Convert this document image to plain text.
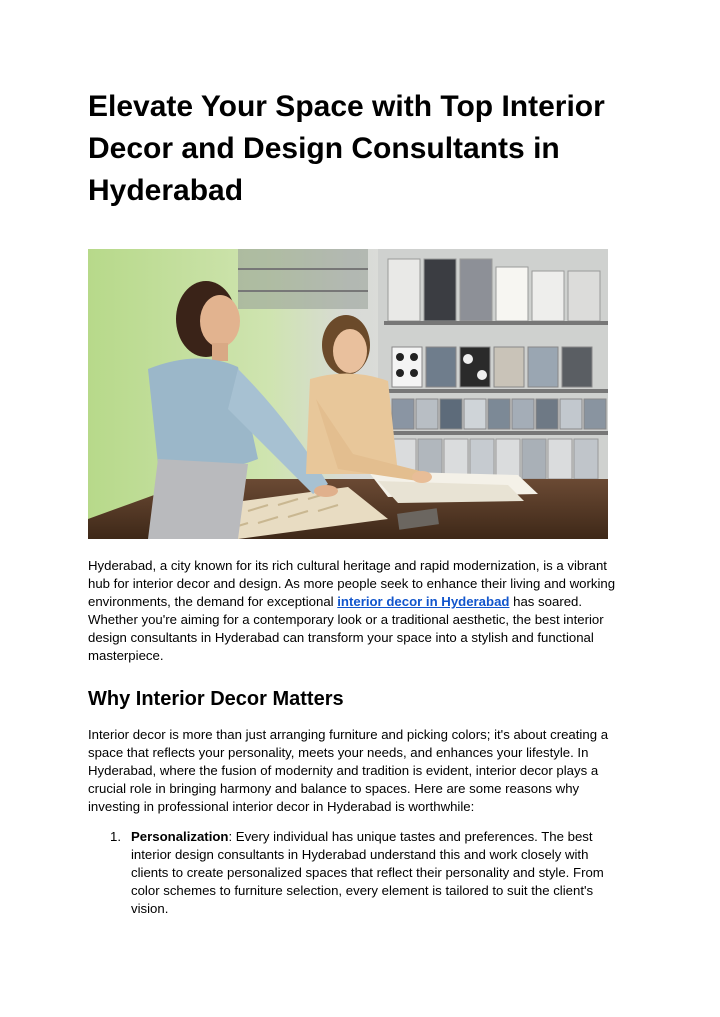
Elevate Your Space with Top Interior Decor and Design Consultants in Hyderabad

Hyderabad, a city known for its rich cultural heritage and rapid modernization, is a vibrant hub for interior decor and design. As more people seek to enhance their living and working environments, the demand for exceptional interior decor in Hyderabad has soared. Whether you're aiming for a contemporary look or a traditional aesthetic, the best interior design consultants in Hyderabad can transform your space into a stylish and functional masterpiece.

Why Interior Decor Matters

Interior decor is more than just arranging furniture and picking colors; it's about creating a space that reflects your personality, meets your needs, and enhances your lifestyle. In Hyderabad, where the fusion of modernity and tradition is evident, interior decor plays a crucial role in bringing harmony and balance to spaces. Here are some reasons why investing in professional interior decor in Hyderabad is worthwhile:

1. Personalization: Every individual has unique tastes and preferences. The best interior design consultants in Hyderabad understand this and work closely with clients to create personalized spaces that reflect their personality and style. From color schemes to furniture selection, every element is tailored to suit the client's vision.
